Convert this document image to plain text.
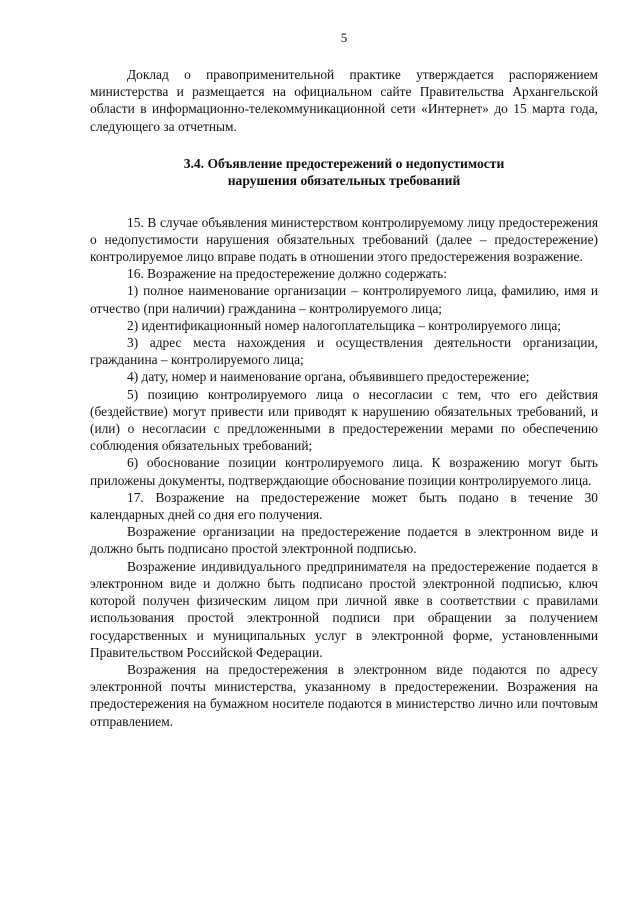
5

Доклад о правоприменительной практике утверждается распоряжением министерства и размещается на официальном сайте Правительства Архангельской области в информационно-телекоммуникационной сети «Интернет» до 15 марта года, следующего за отчетным.

3.4. Объявление предостережений о недопустимости
нарушения обязательных требований

15. В случае объявления министерством контролируемому лицу предостережения о недопустимости нарушения обязательных требований (далее – предостережение) контролируемое лицо вправе подать в отношении этого предостережения возражение.

16. Возражение на предостережение должно содержать:

1) полное наименование организации – контролируемого лица, фамилию, имя и отчество (при наличии) гражданина – контролируемого лица;

2) идентификационный номер налогоплательщика – контролируемого лица;

3) адрес места нахождения и осуществления деятельности организации, гражданина – контролируемого лица;

4) дату, номер и наименование органа, объявившего предостережение;

5) позицию контролируемого лица о несогласии с тем, что его действия (бездействие) могут привести или приводят к нарушению обязательных требований, и (или) о несогласии с предложенными в предостережении мерами по обеспечению соблюдения обязательных требований;

6) обоснование позиции контролируемого лица. К возражению могут быть приложены документы, подтверждающие обоснование позиции контролируемого лица.

17. Возражение на предостережение может быть подано в течение 30 календарных дней со дня его получения.

Возражение организации на предостережение подается в электронном виде и должно быть подписано простой электронной подписью.

Возражение индивидуального предпринимателя на предостережение подается в электронном виде и должно быть подписано простой электронной подписью, ключ которой получен физическим лицом при личной явке в соответствии с правилами использования простой электронной подписи при обращении за получением государственных и муниципальных услуг в электронной форме, установленными Правительством Российской Федерации.

Возражения на предостережения в электронном виде подаются по адресу электронной почты министерства, указанному в предостережении. Возражения на предостережения на бумажном носителе подаются в министерство лично или почтовым отправлением.
